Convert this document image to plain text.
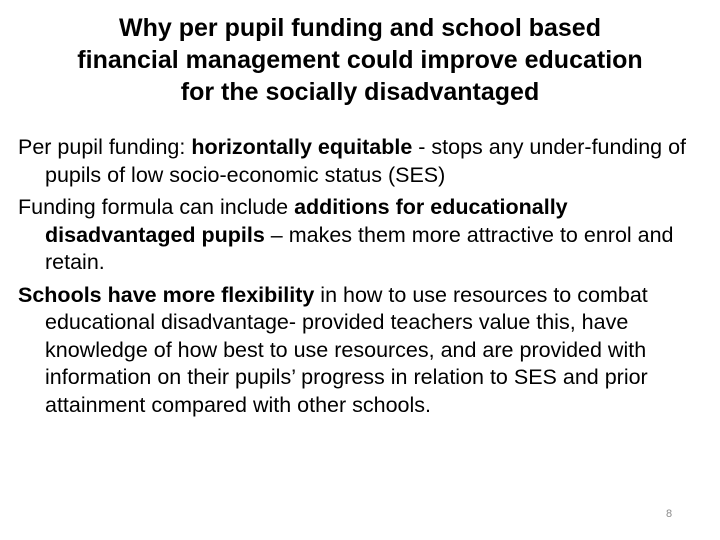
Why per pupil funding and school based
financial management could improve education
for the socially disadvantaged

Per pupil funding: horizontally equitable - stops any under-funding of pupils of low socio-economic status (SES)

Funding formula can include additions for educationally disadvantaged pupils – makes them more attractive to enrol and retain.

Schools have more flexibility in how to use resources to combat educational disadvantage- provided teachers value this, have knowledge of how best to use resources, and are provided with information on their pupils’ progress in relation to SES and prior attainment compared with other schools.

8
